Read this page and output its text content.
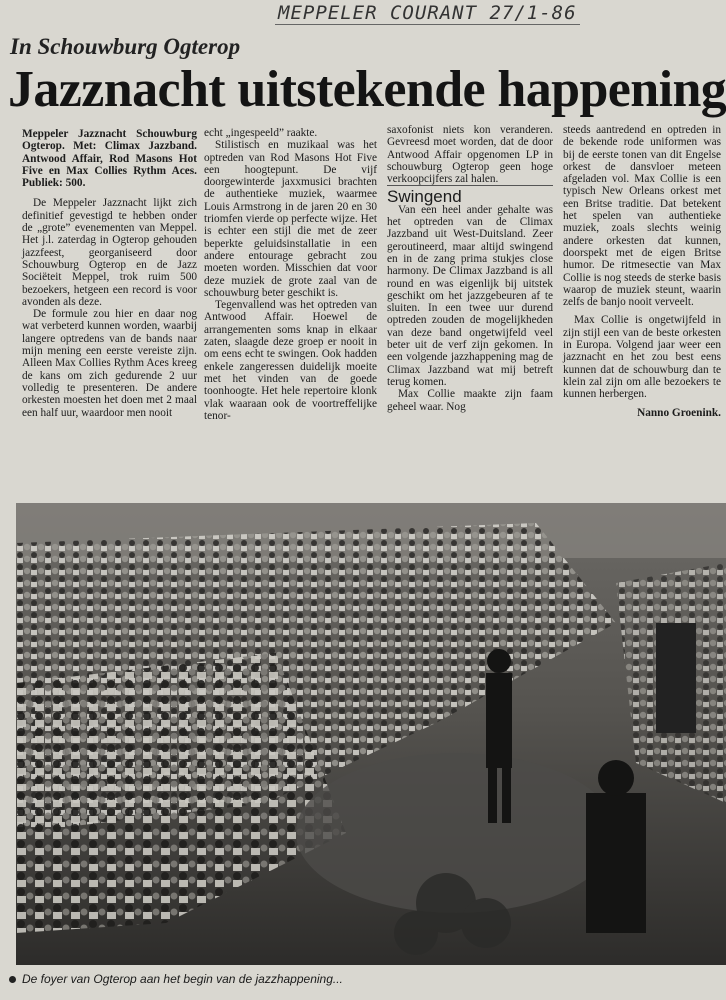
MEPPELER COURANT 27/1-86
In Schouwburg Ogterop
Jazznacht uitstekende happening

Meppeler Jazznacht Schouwburg Ogterop. Met: Climax Jazzband. Antwood Affair, Rod Masons Hot Five en Max Collies Rythm Aces. Publiek: 500.

De Meppeler Jazznacht lijkt zich definitief gevestigd te hebben onder de „grote” evenementen van Meppel. Het j.l. zaterdag in Ogterop gehouden jazzfeest, georganiseerd door Schouwburg Ogterop en de Jazz Sociëteit Meppel, trok ruim 500 bezoekers, hetgeen een record is voor avonden als deze.

De formule zou hier en daar nog wat verbeterd kunnen worden, waarbij langere optredens van de bands naar mijn mening een eerste vereiste zijn. Alleen Max Collies Rythm Aces kreeg de kans om zich gedurende 2 uur volledig te presenteren. De andere orkesten moesten het doen met 2 maal een half uur, waardoor men nooit

echt „ingespeeld” raakte.

Stilistisch en muzikaal was het optreden van Rod Masons Hot Five een hoogtepunt. De vijf doorgewinterde jaxxmusici brachten de authentieke muziek, waarmee Louis Armstrong in de jaren 20 en 30 triomfen vierde op perfecte wijze. Het is echter een stijl die met de zeer beperkte geluidsinstallatie in een andere entourage gebracht zou moeten worden. Misschien dat voor deze muziek de grote zaal van de schouwburg beter geschikt is.

Tegenvallend was het optreden van Antwood Affair. Hoewel de arrangementen soms knap in elkaar zaten, slaagde deze groep er nooit in om eens echt te swingen. Ook hadden enkele zangeressen duidelijk moeite met het vinden van de goede toonhoogte. Het hele repertoire klonk vlak waaraan ook de voortreffelijke tenor-

saxofonist niets kon veranderen. Gevreesd moet worden, dat de door Antwood Affair opgenomen LP in schouwburg Ogterop geen hoge verkoopcijfers zal halen.

Swingend

Van een heel ander gehalte was het optreden van de Climax Jazzband uit West-Duitsland. Zeer geroutineerd, maar altijd swingend en in de zang prima stukjes close harmony. De Climax Jazzband is all round en was eigenlijk bij uitstek geschikt om het jazzgebeuren af te sluiten. In een twee uur durend optreden zouden de mogelijkheden van deze band ongetwijfeld veel beter uit de verf zijn gekomen. In een volgende jazzhappening mag de Climax Jazzband wat mij betreft terug komen.

Max Collie maakte zijn faam geheel waar. Nog

steeds aantredend en optreden in de bekende rode uniformen was bij de eerste tonen van dit Engelse orkest de dansvloer meteen afgeladen vol. Max Collie is een typisch New Orleans orkest met een Britse traditie. Dat betekent het spelen van authentieke muziek, zoals slechts weinig andere orkesten dat kunnen, doorspekt met de eigen Britse humor. De ritmesectie van Max Collie is nog steeds de sterke basis waarop de muziek steunt, waarin zelfs de banjo nooit verveelt.

Max Collie is ongetwijfeld in zijn stijl een van de beste orkesten in Europa. Volgend jaar weer een jazznacht en het zou best eens kunnen dat de schouwburg dan te klein zal zijn om alle bezoekers te kunnen herbergen.

Nanno Groenink.

De foyer van Ogterop aan het begin van de jazzhappening...
